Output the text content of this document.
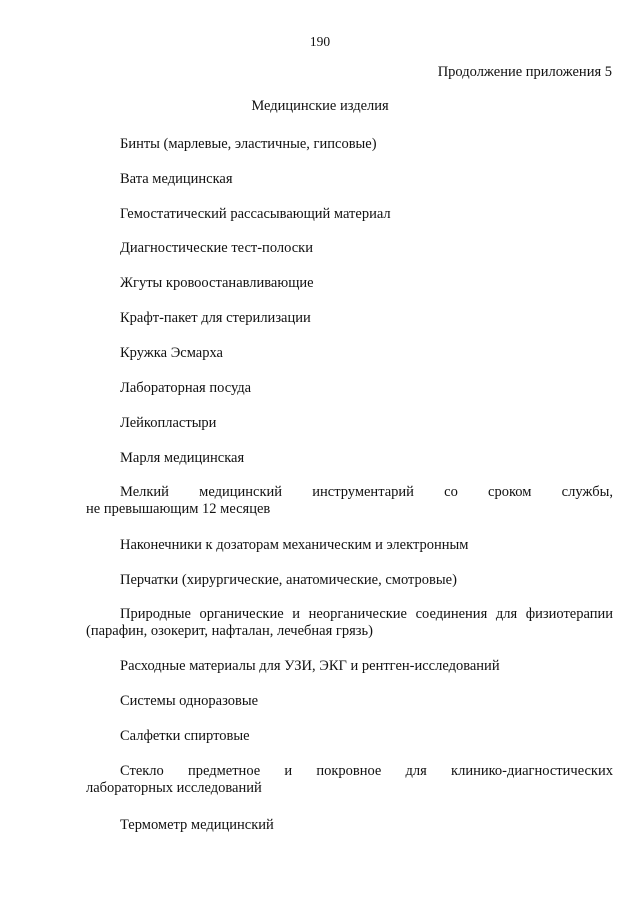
190
Продолжение приложения 5
Медицинские изделия
Бинты (марлевые, эластичные, гипсовые)
Вата медицинская
Гемостатический рассасывающий материал
Диагностические тест-полоски
Жгуты кровоостанавливающие
Крафт-пакет для стерилизации
Кружка Эсмарха
Лабораторная посуда
Лейкопластыри
Марля медицинская
Мелкий медицинский инструментарий со сроком службы,
не превышающим 12 месяцев
Наконечники к дозаторам механическим и электронным
Перчатки (хирургические, анатомические, смотровые)
Природные органические и неорганические соединения для физиотерапии
(парафин, озокерит, нафталан, лечебная грязь)
Расходные материалы для УЗИ, ЭКГ и рентген-исследований
Системы одноразовые
Салфетки спиртовые
Стекло предметное и покровное для клинико-диагностических
лабораторных исследований
Термометр медицинский
